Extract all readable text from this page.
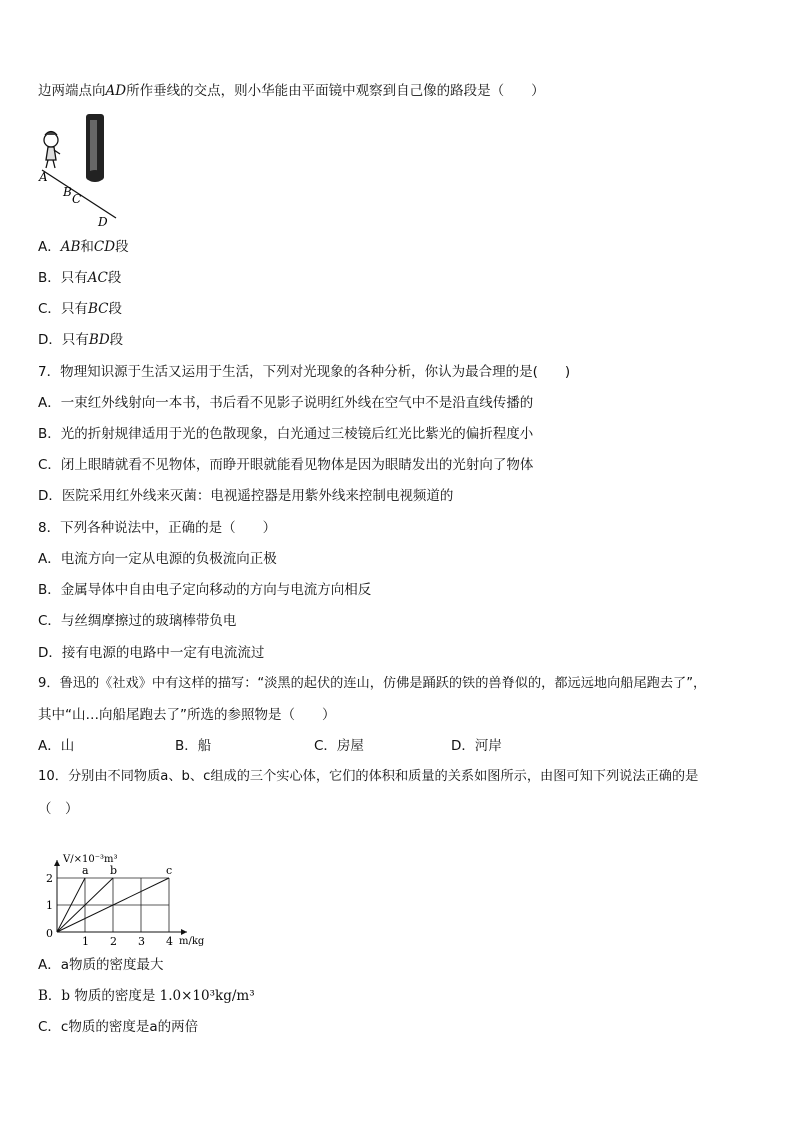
边两端点向AD所作垂线的交点，则小华能由平面镜中观察到自己像的路段是（　　）
A
B C
D
A．AB和CD段
B．只有AC段
C．只有BC段
D．只有BD段
7．物理知识源于生活又运用于生活，下列对光现象的各种分析，你认为最合理的是(　　)
A．一束红外线射向一本书，书后看不见影子说明红外线在空气中不是沿直线传播的
B．光的折射规律适用于光的色散现象，白光通过三棱镜后红光比紫光的偏折程度小
C．闭上眼睛就看不见物体，而睁开眼就能看见物体是因为眼睛发出的光射向了物体
D．医院采用红外线来灭菌：电视遥控器是用紫外线来控制电视频道的
8．下列各种说法中，正确的是（　　）
A．电流方向一定从电源的负极流向正极
B．金属导体中自由电子定向移动的方向与电流方向相反
C．与丝绸摩擦过的玻璃棒带负电
D．接有电源的电路中一定有电流流过
9．鲁迅的《社戏》中有这样的描写：“淡黑的起伏的连山，仿佛是踊跃的铁的兽脊似的，都远远地向船尾跑去了”，
其中“山…向船尾跑去了”所选的参照物是（　　）
A．山	B．船	C．房屋	D．河岸
10．分别由不同物质a、b、c组成的三个实心体，它们的体积和质量的关系如图所示，由图可知下列说法正确的是
（　）
V/×10⁻³m³
m/kg
0
1 2 3 4
1
2
a b	c
A．a物质的密度最大
B．b 物质的密度是 1.0×10³kg/m³
C．c物质的密度是a的两倍
